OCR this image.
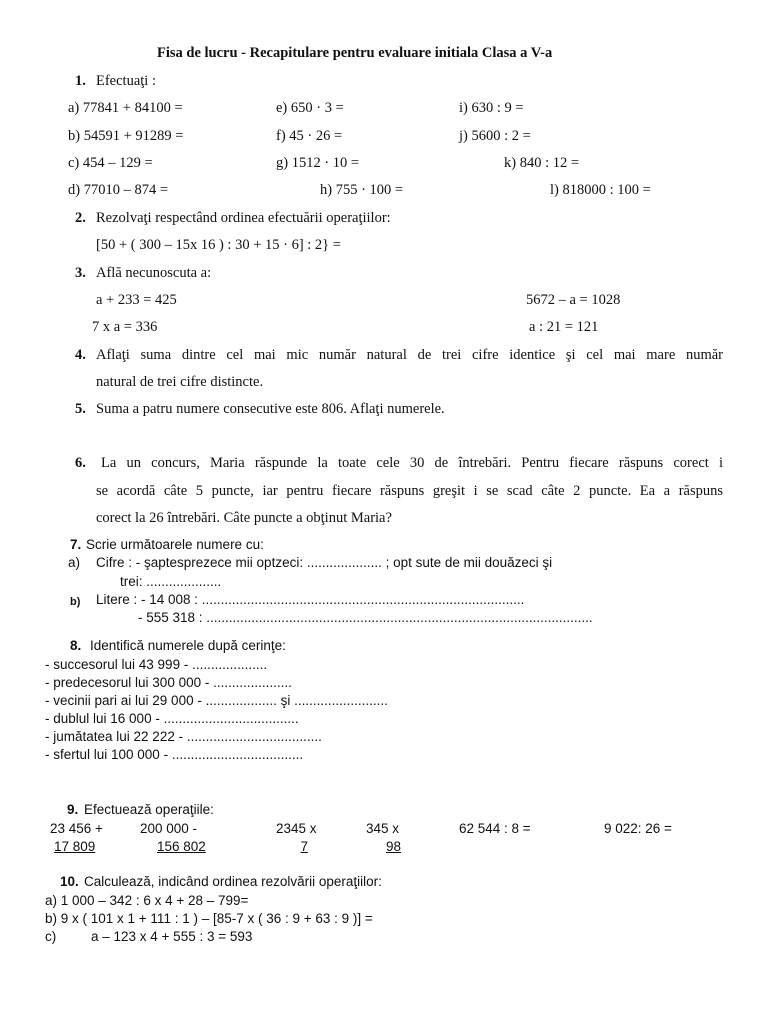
Fisa de lucru - Recapitulare pentru evaluare initiala Clasa a V-a
1. Efectuaţi :
a) 77841 + 84100 =	e) 650 · 3 =	i) 630 : 9 =
b) 54591 + 91289 =	f) 45 · 26 =	j) 5600 : 2 =
c) 454 – 129 =	g) 1512 · 10 =	k) 840 : 12 =
d) 77010 – 874 =	h) 755 · 100 =	l) 818000 : 100 =
2. Rezolvaţi respectând ordinea efectuării operaţiilor:
[50 + ( 300 – 15x 16 ) : 30 + 15 · 6] : 2} =
3. Află necunoscuta a:
a + 233 = 425	5672 – a = 1028
7 x a = 336	a : 21 = 121
4. Aflaţi suma dintre cel mai mic număr natural de trei cifre identice şi cel mai mare număr
natural de trei cifre distincte.
5. Suma a patru numere consecutive este 806. Aflaţi numerele.
6. La un concurs, Maria răspunde la toate cele 30 de întrebări. Pentru fiecare răspuns corect i
se acordă câte 5 puncte, iar pentru fiecare răspuns greşit i se scad câte 2 puncte. Ea a răspuns
corect la 26 întrebări. Câte puncte a obţinut Maria?
7. Scrie următoarele numere cu:
a) Cifre : - şaptesprezece mii optzeci: .................... ; opt sute de mii douăzeci şi
trei: ....................
b) Litere : - 14 008 : ......................................................................................
- 555 318 : .......................................................................................................
8. Identifică numerele după cerinţe:
- succesorul lui 43 999 - ....................
- predecesorul lui 300 000 - .....................
- vecinii pari ai lui 29 000 - ................... şi .........................
- dublul lui 16 000 - ....................................
- jumătatea lui 22 222 - ....................................
- sfertul lui 100 000 - ...................................
9. Efectuează operaţiile:
23 456 +	200 000 -	2345 x	345 x	62 544 : 8 =	9 022: 26 =
17 809	156 802	7	98
10. Calculează, indicând ordinea rezolvării operaţiilor:
a) 1 000 – 342 : 6 x 4 + 28 – 799=
b) 9 x ( 101 x 1 + 111 : 1 ) – [85-7 x ( 36 : 9 + 63 : 9 )] =
c)	a – 123 x 4 + 555 : 3 = 593
